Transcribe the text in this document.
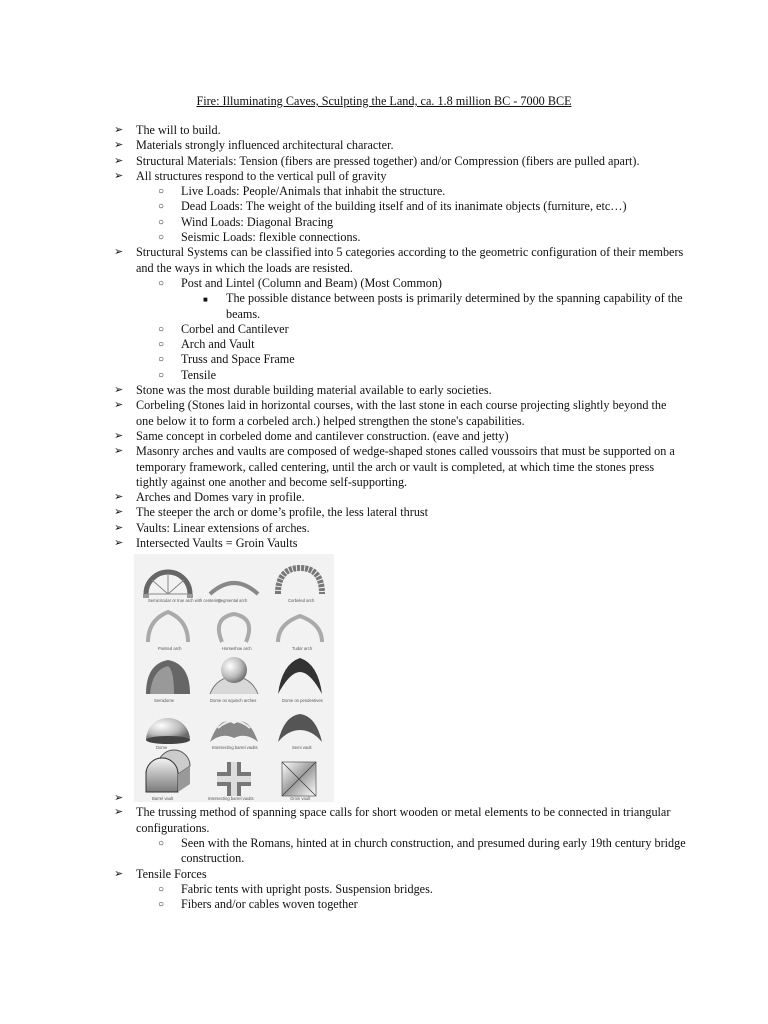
Fire: Illuminating Caves, Sculpting the Land, ca. 1.8 million BC - 7000 BCE
➢ The will to build.
➢ Materials strongly influenced architectural character.
➢ Structural Materials: Tension (fibers are pressed together) and/or Compression (fibers are pulled apart).
➢ All structures respond to the vertical pull of gravity
○ Live Loads: People/Animals that inhabit the structure.
○ Dead Loads: The weight of the building itself and of its inanimate objects (furniture, etc…)
○ Wind Loads: Diagonal Bracing
○ Seismic Loads: flexible connections.
➢ Structural Systems can be classified into 5 categories according to the geometric configuration of their members and the ways in which the loads are resisted.
○ Post and Lintel (Column and Beam) (Most Common)
■ The possible distance between posts is primarily determined by the spanning capability of the beams.
○ Corbel and Cantilever
○ Arch and Vault
○ Truss and Space Frame
○ Tensile
➢ Stone was the most durable building material available to early societies.
➢ Corbeling (Stones laid in horizontal courses, with the last stone in each course projecting slightly beyond the one below it to form a corbeled arch.) helped strengthen the stone's capabilities.
➢ Same concept in corbeled dome and cantilever construction. (eave and jetty)
➢ Masonry arches and vaults are composed of wedge-shaped stones called voussoirs that must be supported on a temporary framework, called centering, until the arch or vault is completed, at which time the stones press tightly against one another and become self-supporting.
➢ Arches and Domes vary in profile.
➢ The steeper the arch or dome’s profile, the less lateral thrust
➢ Vaults: Linear extensions of arches.
➢ Intersected Vaults = Groin Vaults
➢
Semicircular or true arch with centering
Segmental arch	Corbeled arch
Pointed arch	Horseshoe arch	Tudor arch
Semidome	Dome on squinch arches	Dome on pendentives
Dome	Intersecting barrel vaults	Semi vault
Barrel vault	Intersecting barrel vaults	Groin vault
➢ The trussing method of spanning space calls for short wooden or metal elements to be connected in triangular configurations.
○ Seen with the Romans, hinted at in church construction, and presumed during early 19th century bridge construction.
➢ Tensile Forces
○ Fabric tents with upright posts. Suspension bridges.
○ Fibers and/or cables woven together
